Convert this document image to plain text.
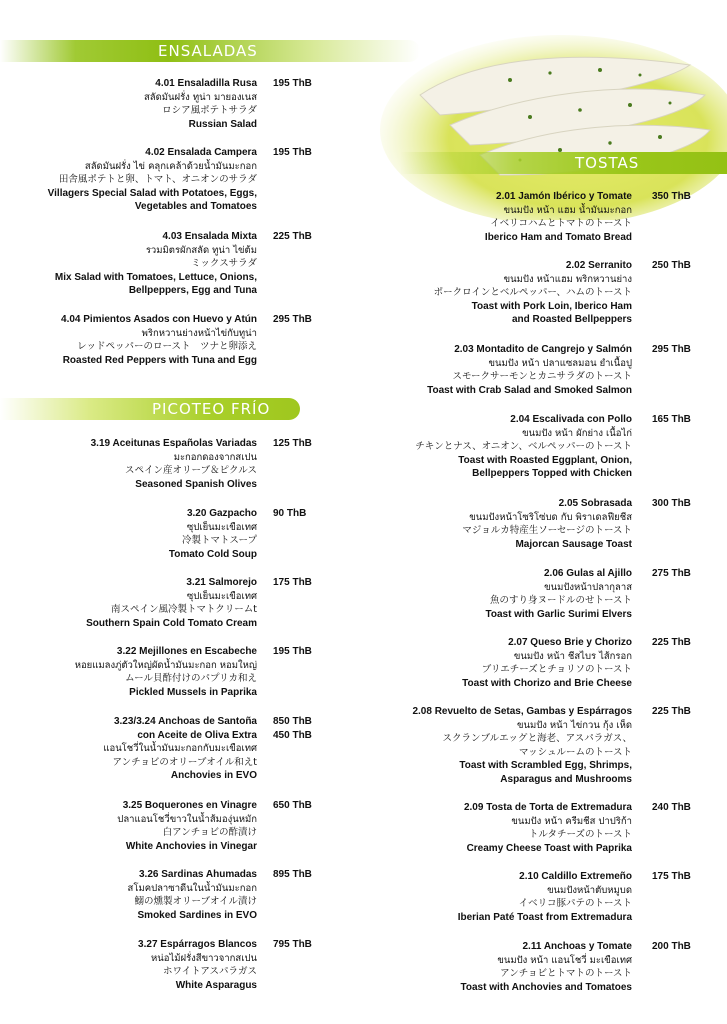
ENSALADAS
PICOTEO FRÍO
TOSTAS
4.01 Ensaladilla Rusa
สลัดมันฝรั่ง ทูน่า มายองเนส
ロシア風ポテトサラダ
Russian Salad
195 ThB
4.02 Ensalada Campera
สลัดมันฝรั่ง ไข่ คลุกเคล้าด้วยน้ำมันมะกอก
田舎風ポテトと卵、トマト、オニオンのサラダ
Villagers Special Salad with Potatoes, Eggs,
Vegetables and Tomatoes
195 ThB
4.03 Ensalada Mixta
รวมมิตรผักสลัด ทูน่า ไข่ต้ม
ミックスサラダ
Mix Salad with Tomatoes, Lettuce, Onions,
Bellpeppers, Egg and Tuna
225 ThB
4.04 Pimientos Asados con Huevo y Atún
พริกหวานย่างหน้าไข่กับทูน่า
レッドペッパーのロースト　ツナと卵添え
Roasted Red Peppers with Tuna and Egg
295 ThB
3.19 Aceitunas Españolas Variadas
มะกอกดองจากสเปน
スペイン産オリーブ＆ピクルス
Seasoned Spanish Olives
125 ThB
3.20 Gazpacho
ซุปเย็นมะเขือเทศ
冷製トマトスープ
Tomato Cold Soup
90 ThB
3.21 Salmorejo
ซุปเย็นมะเขือเทศ
南スペイン風冷製トマトクリームt
Southern Spain Cold Tomato Cream
175 ThB
3.22 Mejillones en Escabeche
หอยแมลงภู่ตัวใหญ่ผัดน้ำมันมะกอก หอมใหญ่
ムール貝酢付けのパプリカ和え
Pickled Mussels in Paprika
195 ThB
3.23/3.24 Anchoas de Santoña
con Aceite de Oliva Extra
แอนโชวี่ในน้ำมันมะกอกกับมะเขือเทศ
アンチョビのオリーブオイル和えt
Anchovies in EVO
850 ThB
450 ThB
3.25 Boquerones en Vinagre
ปลาแอนโชวี่ขาวในน้ำส้มองุ่นหมัก
白アンチョビの酢漬け
White Anchovies in Vinegar
650 ThB
3.26 Sardinas Ahumadas
สโมคปลาซาดีนในน้ำมันมะกอก
鰯の燻製オリーブオイル漬け
Smoked Sardines in EVO
895 ThB
3.27 Espárragos Blancos
หน่อไม้ฝรั่งสีขาวจากสเปน
ホワイトアスパラガス
White Asparagus
795 ThB
2.01 Jamón Ibérico y Tomate
ขนมปัง หน้า แฮม น้ำมันมะกอก
イベリコハムとトマトのトースト
Iberico Ham and Tomato Bread
350 ThB
2.02 Serranito
ขนมปัง หน้าแฮม พริกหวานย่าง
ポークロインとベルペッパー、ハムのトースト
Toast with Pork Loin, Iberico Ham
and Roasted Bellpeppers
250 ThB
2.03 Montadito de Cangrejo y Salmón
ขนมปัง หน้า ปลาแซลมอน ยำเนื้อปู
スモークサーモンとカニサラダのトースト
Toast with Crab Salad and Smoked Salmon
295 ThB
2.04 Escalivada con Pollo
ขนมปัง หน้า ผักย่าง เนื้อไก่
チキンとナス、オニオン、ベルペッパーのトースト
Toast with Roasted Eggplant, Onion,
Bellpeppers Topped with Chicken
165 ThB
2.05 Sobrasada
ขนมปังหน้าโซริโซ่บด กับ พิราเดลฟียชีส
マジョルカ特産生ソーセージのトースト
Majorcan Sausage Toast
300 ThB
2.06 Gulas al Ajillo
ขนมปังหน้าปลากุลาส
魚のすり身ヌードルのせトースト
Toast with Garlic Surimi Elvers
275 ThB
2.07 Queso Brie y Chorizo
ขนมปัง หน้า ชีสไบร ไส้กรอก
ブリエチーズとチョリソのトースト
Toast with Chorizo and Brie Cheese
225 ThB
2.08 Revuelto de Setas, Gambas y Espárragos
ขนมปัง หน้า ไข่กวน กุ้ง เห็ด
スクランブルエッグと海老、アスパラガス、
マッシュルームのトースト
Toast with Scrambled Egg, Shrimps,
Asparagus and Mushrooms
225 ThB
2.09 Tosta de Torta de Extremadura
ขนมปัง หน้า ครีมชีส ปาปริก้า
トルタチーズのトースト
Creamy Cheese Toast with Paprika
240 ThB
2.10 Caldillo Extremeño
ขนมปังหน้าตับหมูบด
イベリコ豚パテのトースト
Iberian Paté Toast from Extremadura
175 ThB
2.11 Anchoas y Tomate
ขนมปัง หน้า แอนโชวี่ มะเขือเทศ
アンチョビとトマトのトースト
Toast with Anchovies and Tomatoes
200 ThB
